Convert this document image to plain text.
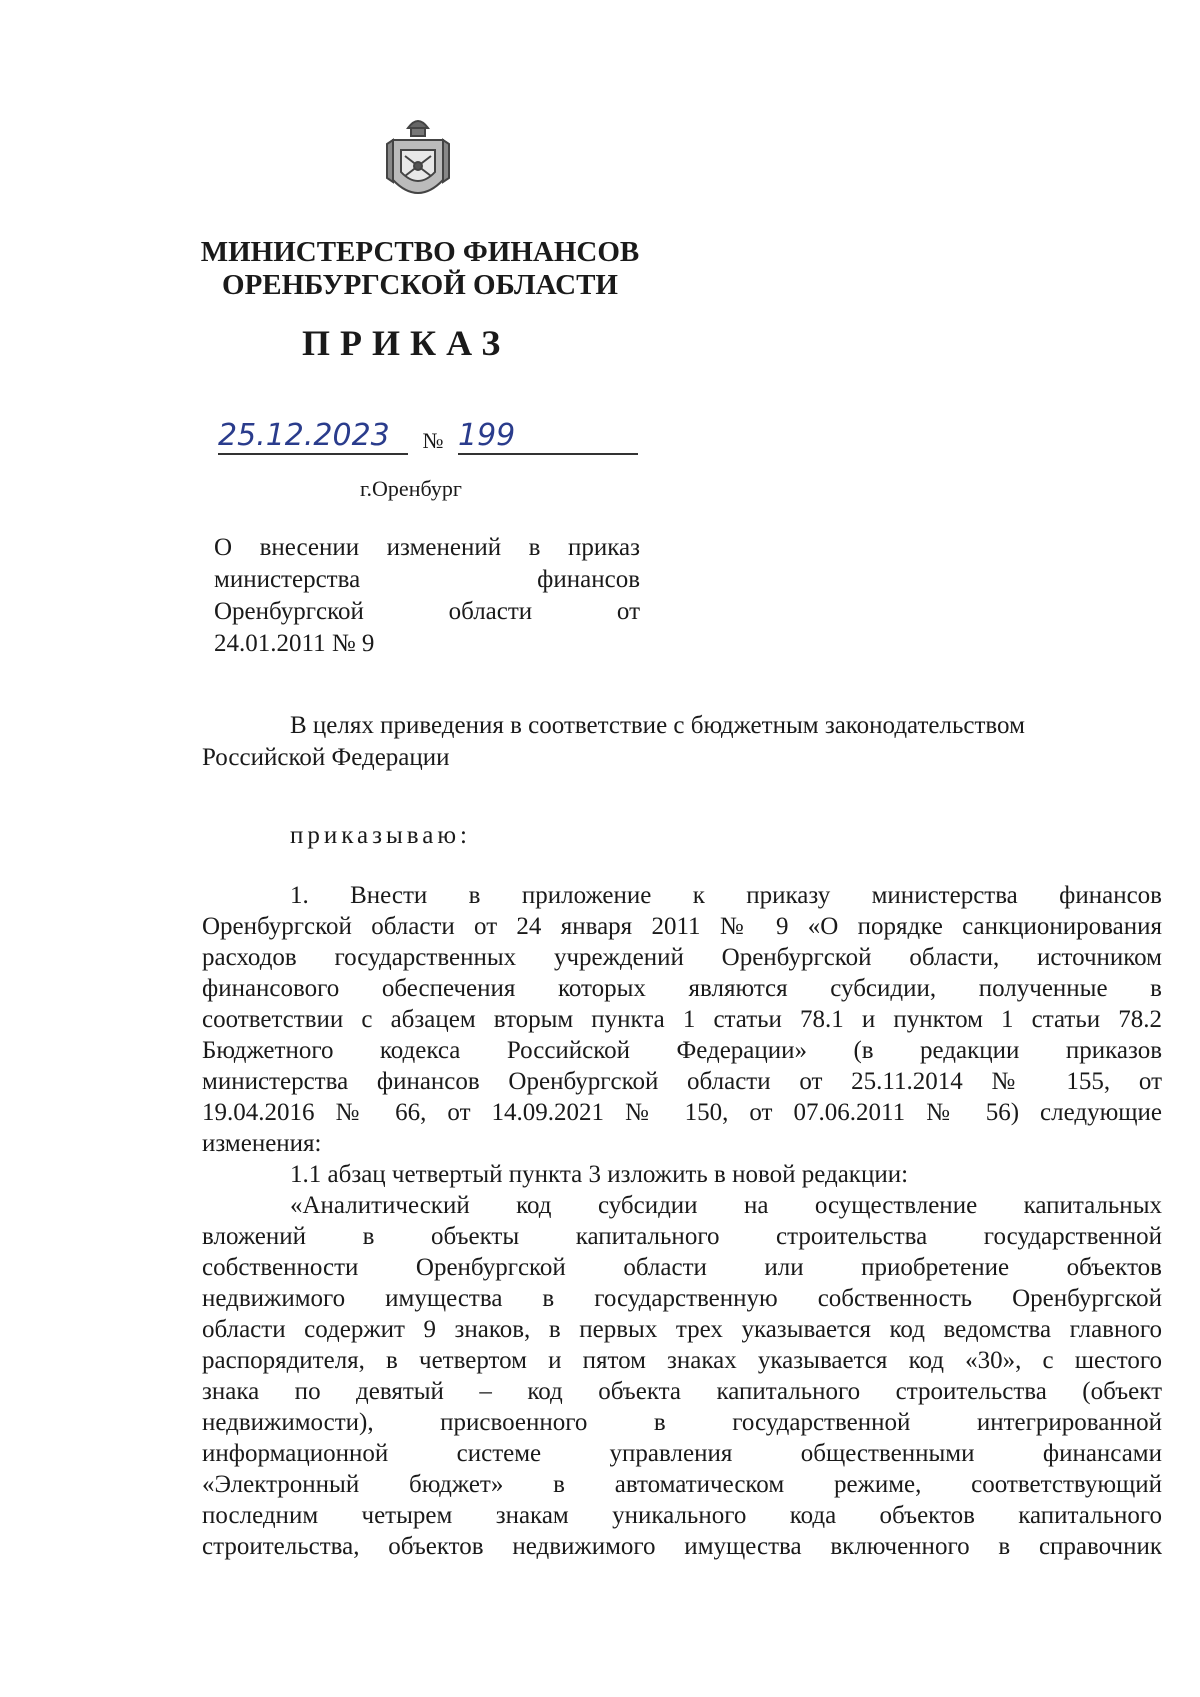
МИНИСТЕРСТВО ФИНАНСОВ
ОРЕНБУРГСКОЙ ОБЛАСТИ
ПРИКАЗ
25.12.2023	№ 199
г.Оренбург
О внесении изменений в приказ
министерства финансов
Оренбургской области от
24.01.2011 № 9
В целях приведения в соответствие с бюджетным законодательством
Российской Федерации
приказываю:
1. Внести в приложение к приказу министерства финансов
Оренбургской области от 24 января 2011 № 9 «О порядке санкционирования
расходов государственных учреждений Оренбургской области, источником
финансового обеспечения которых являются субсидии, полученные в
соответствии с абзацем вторым пункта 1 статьи 78.1 и пунктом 1 статьи 78.2
Бюджетного кодекса Российской Федерации» (в редакции приказов
министерства финансов Оренбургской области от 25.11.2014 № 155, от
19.04.2016 № 66, от 14.09.2021 № 150, от 07.06.2011 № 56) следующие
изменения:
1.1 абзац четвертый пункта 3 изложить в новой редакции:
«Аналитический код субсидии на осуществление капитальных
вложений в объекты капитального строительства государственной
собственности Оренбургской области или приобретение объектов
недвижимого имущества в государственную собственность Оренбургской
области содержит 9 знаков, в первых трех указывается код ведомства главного
распорядителя, в четвертом и пятом знаках указывается код «30», с шестого
знака по девятый – код объекта капитального строительства (объект
недвижимости), присвоенного в государственной интегрированной
информационной системе управления общественными финансами
«Электронный бюджет» в автоматическом режиме, соответствующий
последним четырем знакам уникального кода объектов капитального
строительства, объектов недвижимого имущества включенного в справочник
